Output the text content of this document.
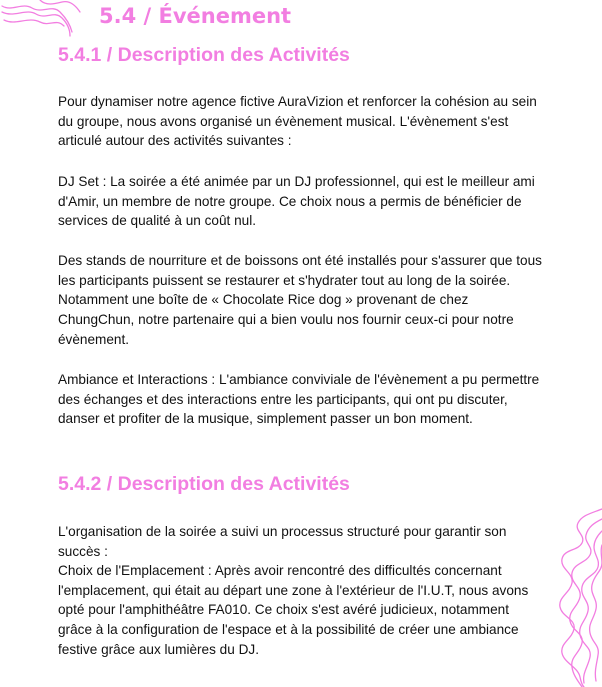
5.4 / Événement
5.4.1 / Description des Activités

Pour dynamiser notre agence fictive AuraVizion et renforcer la cohésion au sein du groupe, nous avons organisé un évènement musical. L'évènement s'est articulé autour des activités suivantes :

DJ Set : La soirée a été animée par un DJ professionnel, qui est le meilleur ami d'Amir, un membre de notre groupe. Ce choix nous a permis de bénéficier de services de qualité à un coût nul.

Des stands de nourriture et de boissons ont été installés pour s'assurer que tous les participants puissent se restaurer et s'hydrater tout au long de la soirée. Notamment une boîte de « Chocolate Rice dog » provenant de chez ChungChun, notre partenaire qui a bien voulu nos fournir ceux-ci pour notre évènement.

Ambiance et Interactions : L'ambiance conviviale de l'évènement a pu permettre des échanges et des interactions entre les participants, qui ont pu discuter, danser et profiter de la musique, simplement passer un bon moment.

5.4.2 / Description des Activités

L'organisation de la soirée a suivi un processus structuré pour garantir son succès :

Choix de l'Emplacement : Après avoir rencontré des difficultés concernant l'emplacement, qui était au départ une zone à l'extérieur de l'I.U.T, nous avons opté pour l'amphithéâtre FA010. Ce choix s'est avéré judicieux, notamment grâce à la configuration de l'espace et à la possibilité de créer une ambiance festive grâce aux lumières du DJ.
